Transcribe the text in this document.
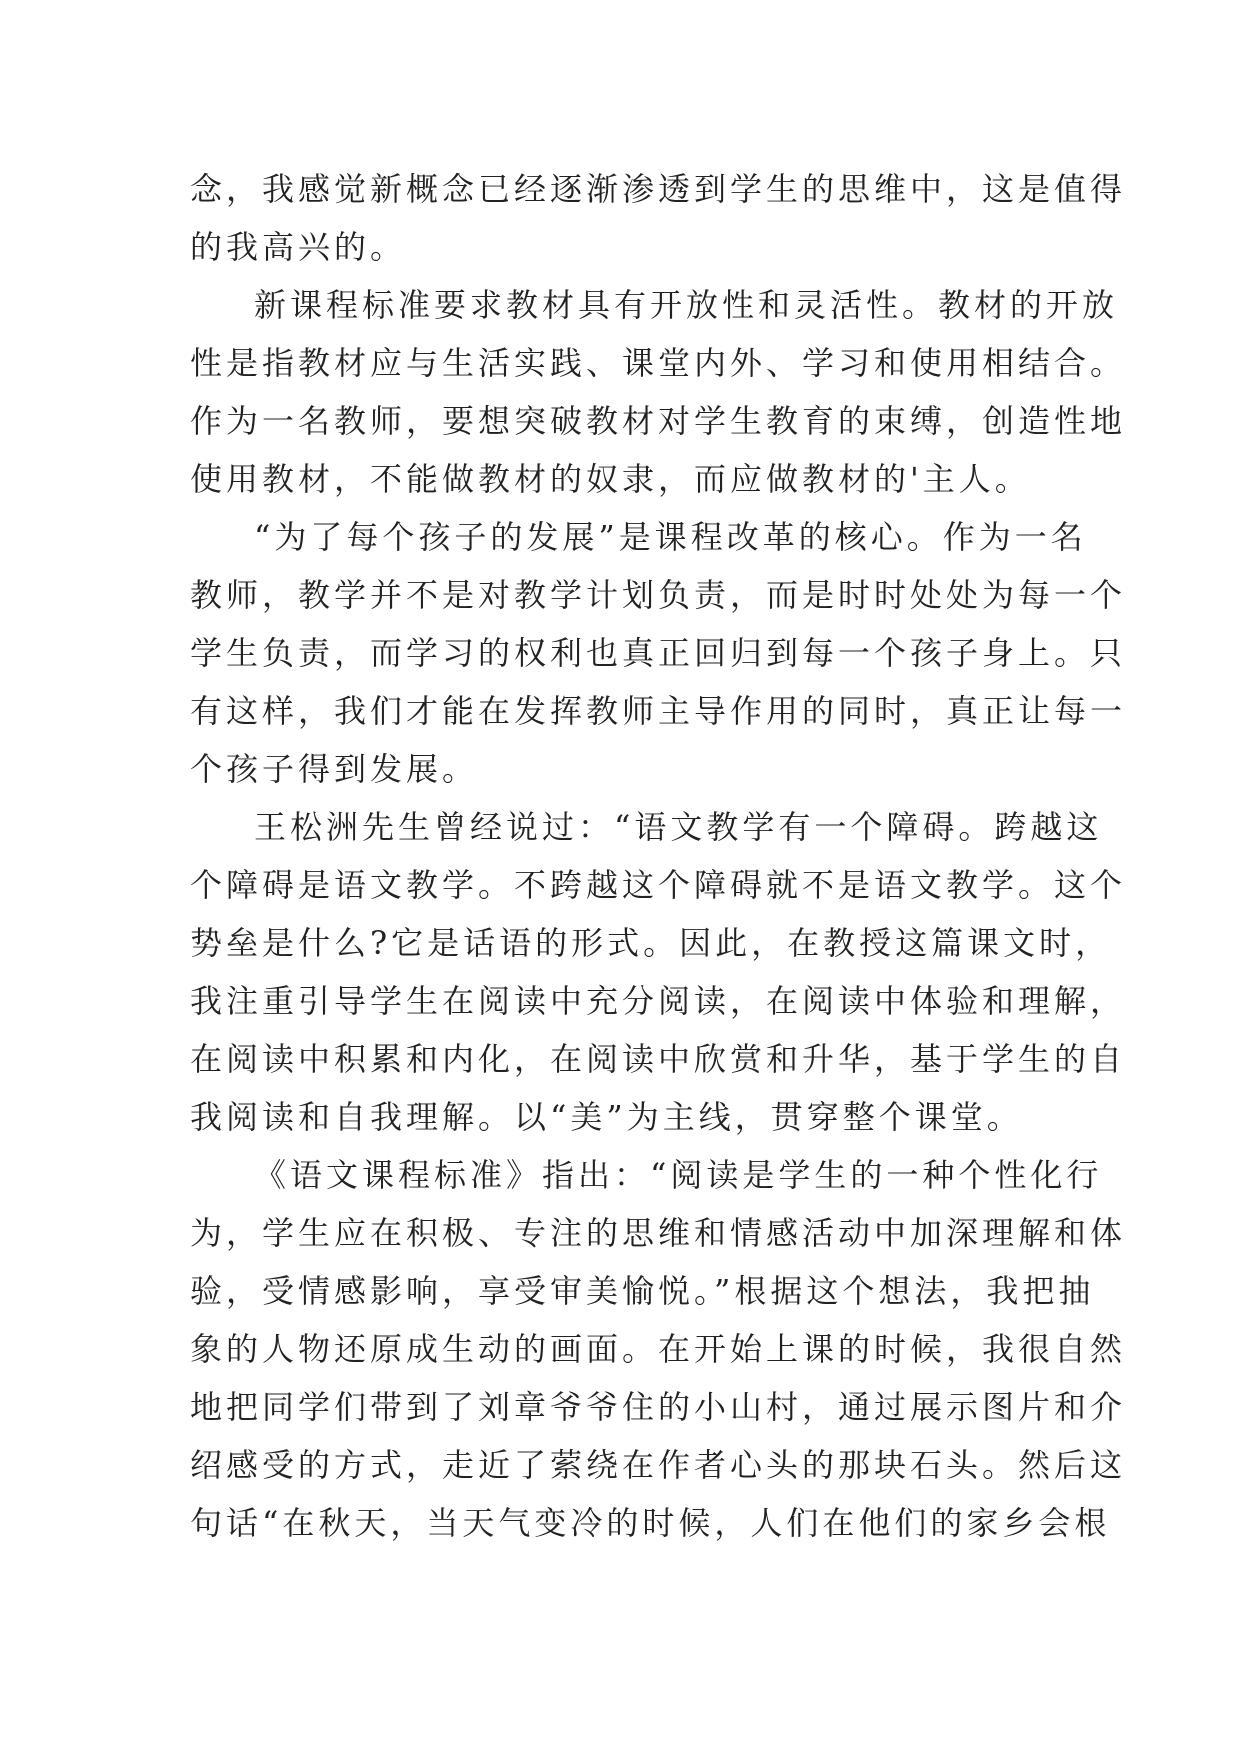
念，我感觉新概念已经逐渐渗透到学生的思维中，这是值得
的我高兴的。
新课程标准要求教材具有开放性和灵活性。教材的开放
性是指教材应与生活实践、课堂内外、学习和使用相结合。
作为一名教师，要想突破教材对学生教育的束缚，创造性地
使用教材，不能做教材的奴隶，而应做教材的'主人。
“为了每个孩子的发展”是课程改革的核心。作为一名
教师，教学并不是对教学计划负责，而是时时处处为每一个
学生负责，而学习的权利也真正回归到每一个孩子身上。只
有这样，我们才能在发挥教师主导作用的同时，真正让每一
个孩子得到发展。
王松洲先生曾经说过：“语文教学有一个障碍。跨越这
个障碍是语文教学。不跨越这个障碍就不是语文教学。这个
势垒是什么?它是话语的形式。因此，在教授这篇课文时，
我注重引导学生在阅读中充分阅读，在阅读中体验和理解，
在阅读中积累和内化，在阅读中欣赏和升华，基于学生的自
我阅读和自我理解。以“美”为主线，贯穿整个课堂。
《语文课程标准》指出：“阅读是学生的一种个性化行
为，学生应在积极、专注的思维和情感活动中加深理解和体
验，受情感影响，享受审美愉悦。”根据这个想法，我把抽
象的人物还原成生动的画面。在开始上课的时候，我很自然
地把同学们带到了刘章爷爷住的小山村，通过展示图片和介
绍感受的方式，走近了萦绕在作者心头的那块石头。然后这
句话“在秋天，当天气变冷的时候，人们在他们的家乡会根
